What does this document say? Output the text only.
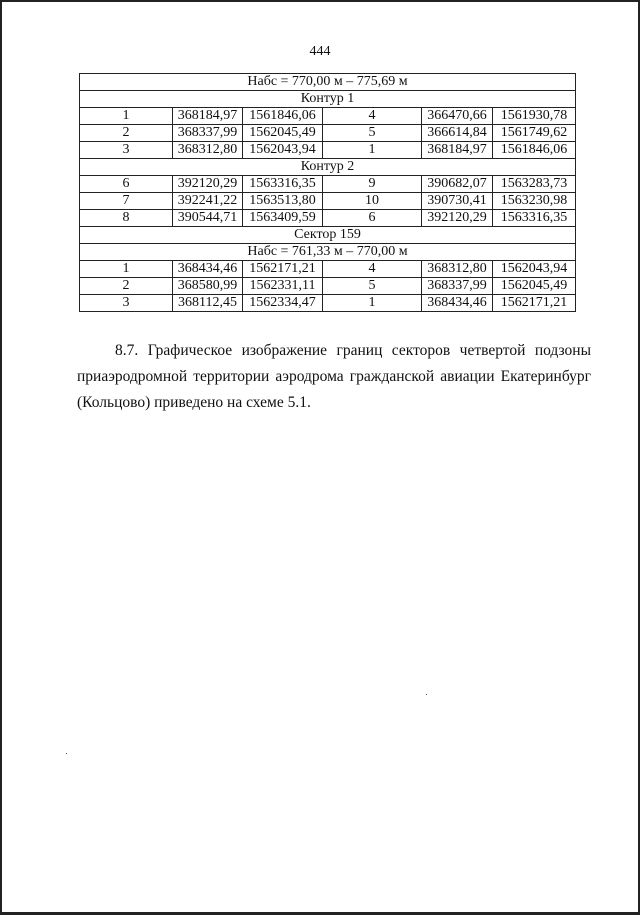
444
Набс = 770,00 м – 775,69 м					
Контур 1					
1	368184,97	1561846,06	4	366470,66	1561930,78
2	368337,99	1562045,49	5	366614,84	1561749,62
3	368312,80	1562043,94	1	368184,97	1561846,06
Контур 2					
6	392120,29	1563316,35	9	390682,07	1563283,73
7	392241,22	1563513,80	10	390730,41	1563230,98
8	390544,71	1563409,59	6	392120,29	1563316,35
Сектор 159					
Набс = 761,33 м – 770,00 м					
1	368434,46	1562171,21	4	368312,80	1562043,94
2	368580,99	1562331,11	5	368337,99	1562045,49
3	368112,45	1562334,47	1	368434,46	1562171,21
8.7. Графическое изображение границ секторов четвертой подзоны
приаэродромной территории аэродрома гражданской авиации Екатеринбург
(Кольцово) приведено на схеме 5.1.
